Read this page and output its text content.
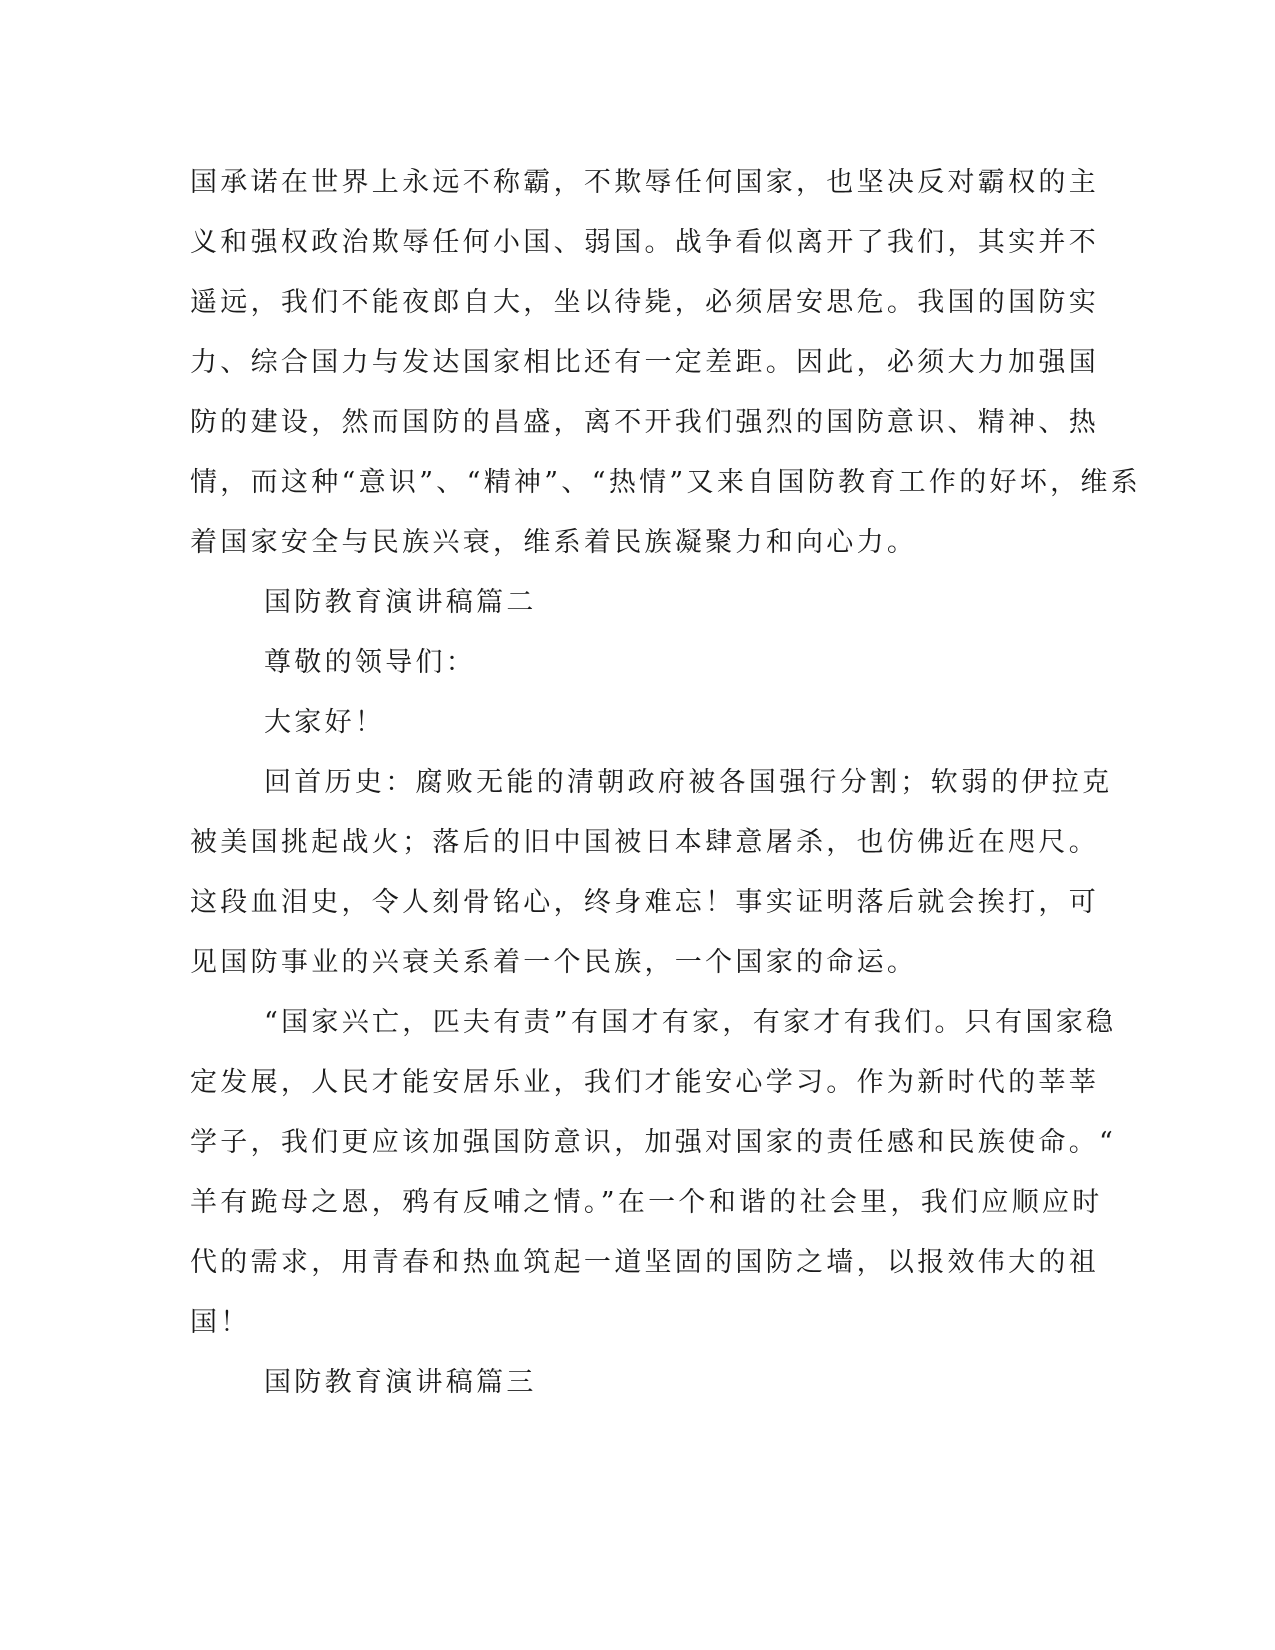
国承诺在世界上永远不称霸，不欺辱任何国家，也坚决反对霸权的主
义和强权政治欺辱任何小国、弱国。战争看似离开了我们，其实并不
遥远，我们不能夜郎自大，坐以待毙，必须居安思危。我国的国防实
力、综合国力与发达国家相比还有一定差距。因此，必须大力加强国
防的建设，然而国防的昌盛，离不开我们强烈的国防意识、精神、热
情，而这种“意识”、“精神”、“热情”又来自国防教育工作的好坏，维系
着国家安全与民族兴衰，维系着民族凝聚力和向心力。
国防教育演讲稿篇二
尊敬的领导们：
大家好！
回首历史：腐败无能的清朝政府被各国强行分割；软弱的伊拉克
被美国挑起战火；落后的旧中国被日本肆意屠杀，也仿佛近在咫尺。
这段血泪史，令人刻骨铭心，终身难忘！事实证明落后就会挨打，可
见国防事业的兴衰关系着一个民族，一个国家的命运。
“国家兴亡，匹夫有责”有国才有家，有家才有我们。只有国家稳
定发展，人民才能安居乐业，我们才能安心学习。作为新时代的莘莘
学子，我们更应该加强国防意识，加强对国家的责任感和民族使命。“
羊有跪母之恩，鸦有反哺之情。”在一个和谐的社会里，我们应顺应时
代的需求，用青春和热血筑起一道坚固的国防之墙，以报效伟大的祖
国！
国防教育演讲稿篇三
